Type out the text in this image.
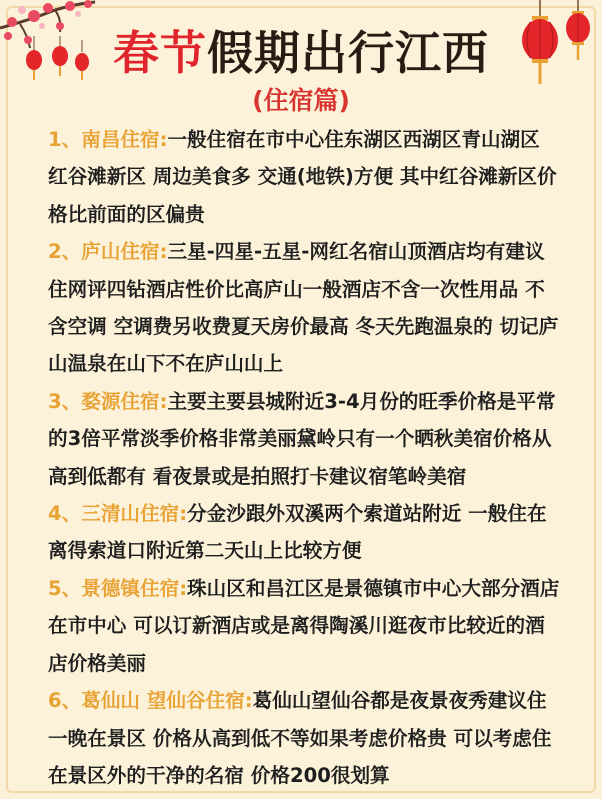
春节假期出行江西
(住宿篇)
1、南昌住宿:一般住宿在市中心住东湖区西湖区青山湖区 红谷滩新区 周边美食多 交通(地铁)方便 其中红谷滩新区价格比前面的区偏贵
2、庐山住宿:三星-四星-五星-网红名宿山顶酒店均有建议住网评四钻酒店性价比高庐山一般酒店不含一次性用品 不含空调 空调费另收费夏天房价最高 冬天先跑温泉的 切记庐山温泉在山下不在庐山山上
3、婺源住宿:主要主要县城附近3-4月份的旺季价格是平常的3倍平常淡季价格非常美丽黛岭只有一个晒秋美宿价格从高到低都有 看夜景或是拍照打卡建议宿笔岭美宿
4、三清山住宿:分金沙跟外双溪两个索道站附近 一般住在离得索道口附近第二天山上比较方便
5、景德镇住宿:珠山区和昌江区是景德镇市中心大部分酒店在市中心 可以订新酒店或是离得陶溪川逛夜市比较近的酒店价格美丽
6、葛仙山 望仙谷住宿:葛仙山望仙谷都是夜景夜秀建议住一晚在景区 价格从高到低不等如果考虑价格贵 可以考虑住在景区外的干净的名宿 价格200很划算
